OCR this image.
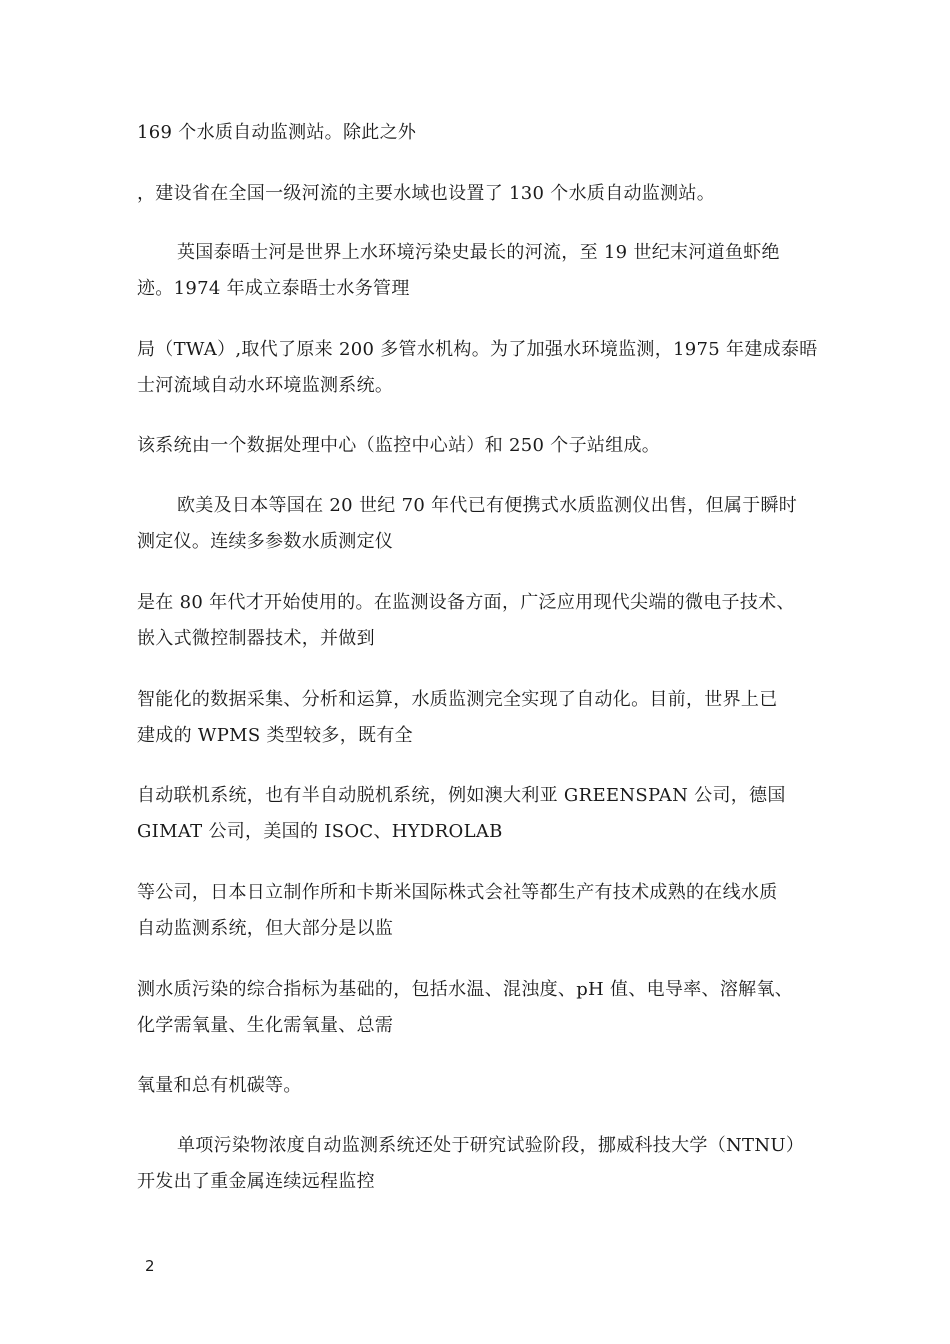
169 个水质自动监测站。除此之外
，建设省在全国一级河流的主要水域也设置了 130 个水质自动监测站。
英国泰晤士河是世界上水环境污染史最长的河流，至 19 世纪末河道鱼虾绝
迹。1974 年成立泰晤士水务管理
局（TWA）,取代了原来 200 多管水机构。为了加强水环境监测，1975 年建成泰晤
士河流域自动水环境监测系统。
该系统由一个数据处理中心（监控中心站）和 250 个子站组成。
欧美及日本等国在 20 世纪 70 年代已有便携式水质监测仪出售，但属于瞬时
测定仪。连续多参数水质测定仪
是在 80 年代才开始使用的。在监测设备方面，广泛应用现代尖端的微电子技术、
嵌入式微控制器技术，并做到
智能化的数据采集、分析和运算，水质监测完全实现了自动化。目前，世界上已
建成的 WPMS 类型较多，既有全
自动联机系统，也有半自动脱机系统，例如澳大利亚 GREENSPAN 公司，德国
GIMAT 公司，美国的 ISOC、HYDROLAB
等公司，日本日立制作所和卡斯米国际株式会社等都生产有技术成熟的在线水质
自动监测系统，但大部分是以监
测水质污染的综合指标为基础的，包括水温、混浊度、pH 值、电导率、溶解氧、
化学需氧量、生化需氧量、总需
氧量和总有机碳等。
单项污染物浓度自动监测系统还处于研究试验阶段，挪威科技大学（NTNU）
开发出了重金属连续远程监控
2
